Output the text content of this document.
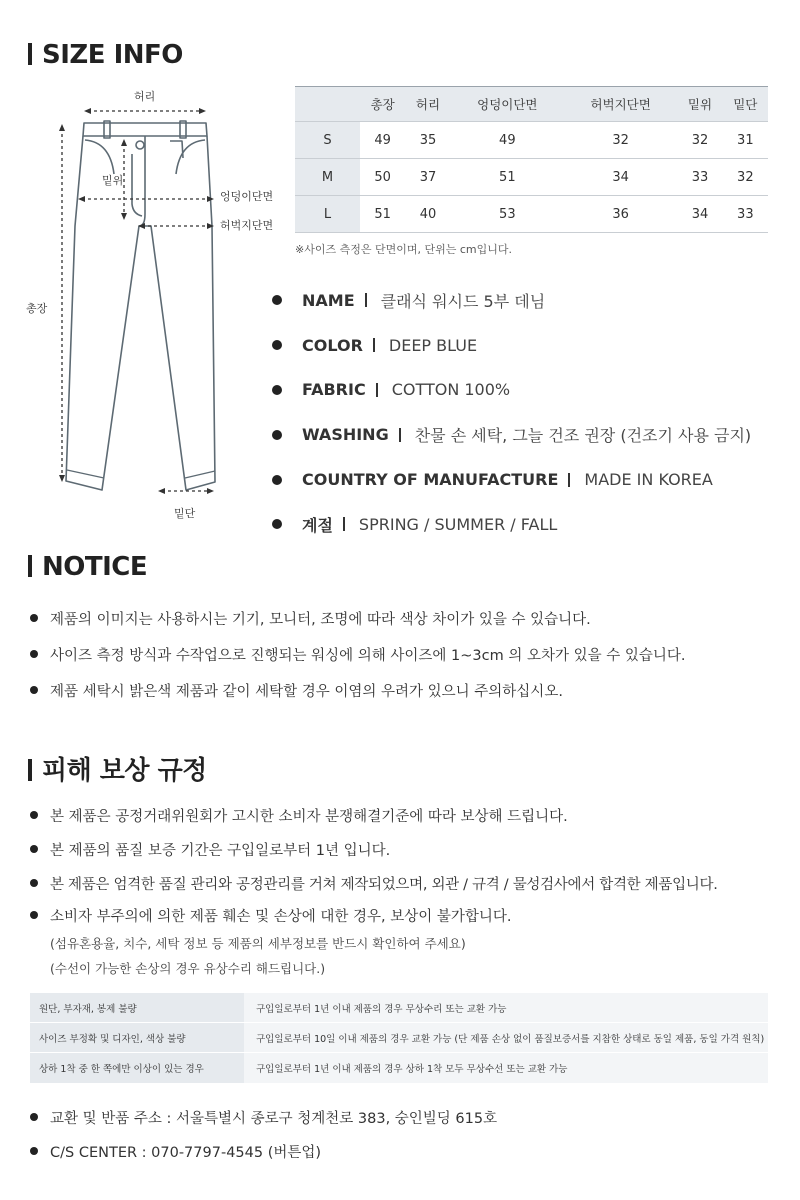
SIZE INFO
허리
밑위
엉덩이단면
허벅지단면
총장
밑단
	총장	허리	엉덩이단면	허벅지단면	밑위	밑단
S	49	35	49	32	32	31
M	50	37	51	34	33	32
L	51	40	53	36	34	33
※사이즈 측정은 단면이며, 단위는 cm입니다.
NAME 클래식 워시드 5부 데님
COLOR DEEP BLUE
FABRIC COTTON 100%
WASHING 찬물 손 세탁, 그늘 건조 권장 (건조기 사용 금지)
COUNTRY OF MANUFACTURE MADE IN KOREA
계절 SPRING / SUMMER / FALL
NOTICE
제품의 이미지는 사용하시는 기기, 모니터, 조명에 따라 색상 차이가 있을 수 있습니다.
사이즈 측정 방식과 수작업으로 진행되는 워싱에 의해 사이즈에 1~3cm 의 오차가 있을 수 있습니다.
제품 세탁시 밝은색 제품과 같이 세탁할 경우 이염의 우려가 있으니 주의하십시오.
피해 보상 규정
본 제품은 공정거래위원회가 고시한 소비자 분쟁해결기준에 따라 보상해 드립니다.
본 제품의 품질 보증 기간은 구입일로부터 1년 입니다.
본 제품은 엄격한 품질 관리와 공정관리를 거쳐 제작되었으며, 외관 / 규격 / 물성검사에서 합격한 제품입니다.
소비자 부주의에 의한 제품 훼손 및 손상에 대한 경우, 보상이 불가합니다.
(섬유혼용율, 치수, 세탁 정보 등 제품의 세부정보를 반드시 확인하여 주세요)
(수선이 가능한 손상의 경우 유상수리 해드립니다.)
원단, 부자재, 봉제 불량	구입일로부터 1년 이내 제품의 경우 무상수리 또는 교환 가능
사이즈 부정확 및 디자인, 색상 불량	구입일로부터 10일 이내 제품의 경우 교환 가능 (단 제품 손상 없이 품질보증서를 지참한 상태로 동일 제품, 동일 가격 원칙)
상하 1착 중 한 쪽에만 이상이 있는 경우	구입일로부터 1년 이내 제품의 경우 상하 1착 모두 무상수선 또는 교환 가능
교환 및 반품 주소 : 서울특별시 종로구 청계천로 383, 숭인빌딩 615호
C/S CENTER : 070-7797-4545 (버튼업)
